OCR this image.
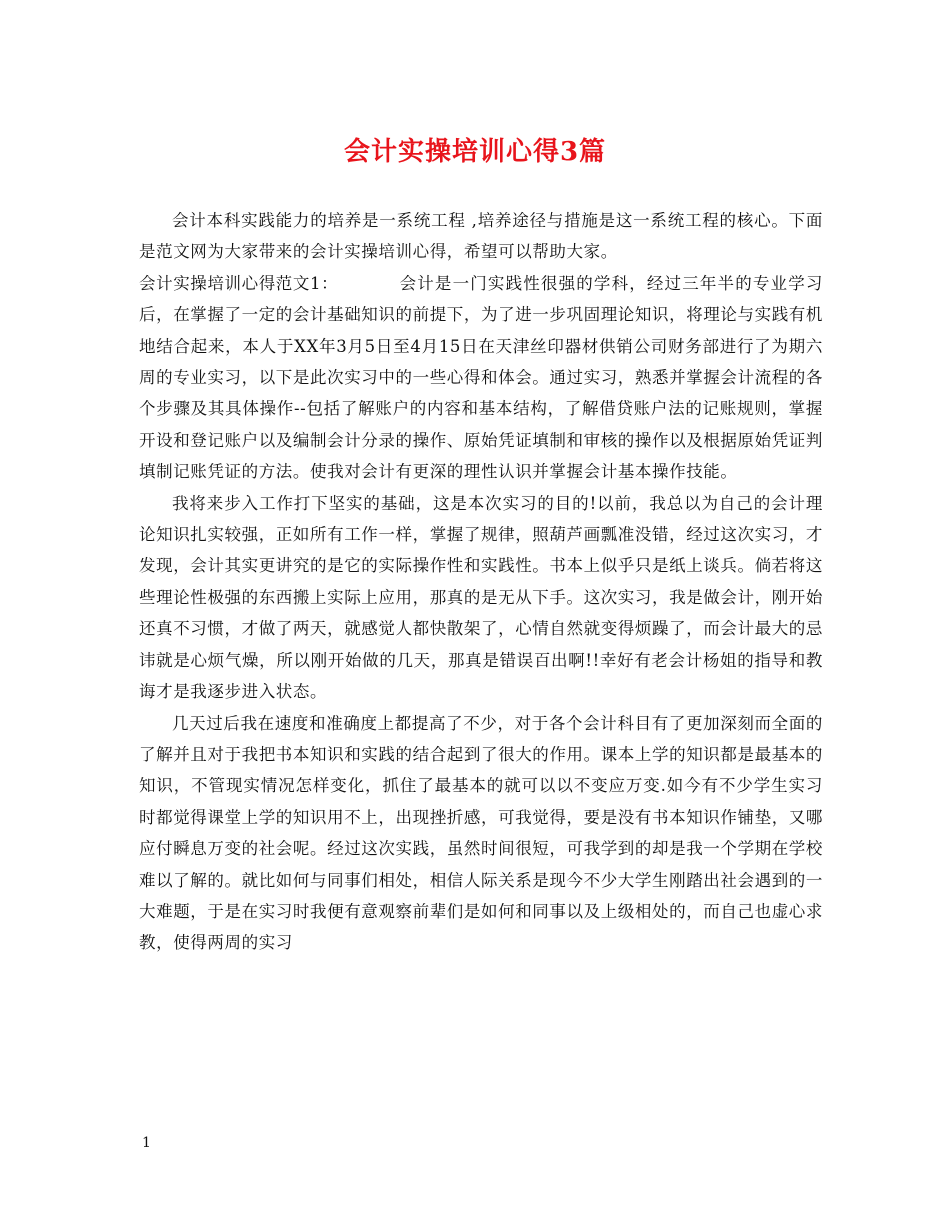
会计实操培训心得3篇

会计本科实践能力的培养是一系统工程 ,培养途径与措施是这一系统工程的核心。下面是范文网为大家带来的会计实操培训心得，希望可以帮助大家。

会计实操培训心得范文1：	会计是一门实践性很强的学科，经过三年半的专业学习后，在掌握了一定的会计基础知识的前提下，为了进一步巩固理论知识，将理论与实践有机地结合起来，本人于XX年3月5日至4月15日在天津丝印器材供销公司财务部进行了为期六周的专业实习，以下是此次实习中的一些心得和体会。通过实习，熟悉并掌握会计流程的各个步骤及其具体操作--包括了解账户的内容和基本结构，了解借贷账户法的记账规则，掌握开设和登记账户以及编制会计分录的操作、原始凭证填制和审核的操作以及根据原始凭证判填制记账凭证的方法。使我对会计有更深的理性认识并掌握会计基本操作技能。

我将来步入工作打下坚实的基础，这是本次实习的目的!以前，我总以为自己的会计理论知识扎实较强，正如所有工作一样，掌握了规律，照葫芦画瓢准没错，经过这次实习，才发现，会计其实更讲究的是它的实际操作性和实践性。书本上似乎只是纸上谈兵。倘若将这些理论性极强的东西搬上实际上应用，那真的是无从下手。这次实习，我是做会计，刚开始还真不习惯，才做了两天，就感觉人都快散架了，心情自然就变得烦躁了，而会计最大的忌讳就是心烦气燥，所以刚开始做的几天，那真是错误百出啊!!幸好有老会计杨姐的指导和教诲才是我逐步进入状态。

几天过后我在速度和准确度上都提高了不少，对于各个会计科目有了更加深刻而全面的了解并且对于我把书本知识和实践的结合起到了很大的作用。课本上学的知识都是最基本的知识，不管现实情况怎样变化，抓住了最基本的就可以以不变应万变.如今有不少学生实习时都觉得课堂上学的知识用不上，出现挫折感，可我觉得，要是没有书本知识作铺垫，又哪应付瞬息万变的社会呢。经过这次实践，虽然时间很短，可我学到的却是我一个学期在学校难以了解的。就比如何与同事们相处，相信人际关系是现今不少大学生刚踏出社会遇到的一大难题，于是在实习时我便有意观察前辈们是如何和同事以及上级相处的，而自己也虚心求教，使得两周的实习

1
